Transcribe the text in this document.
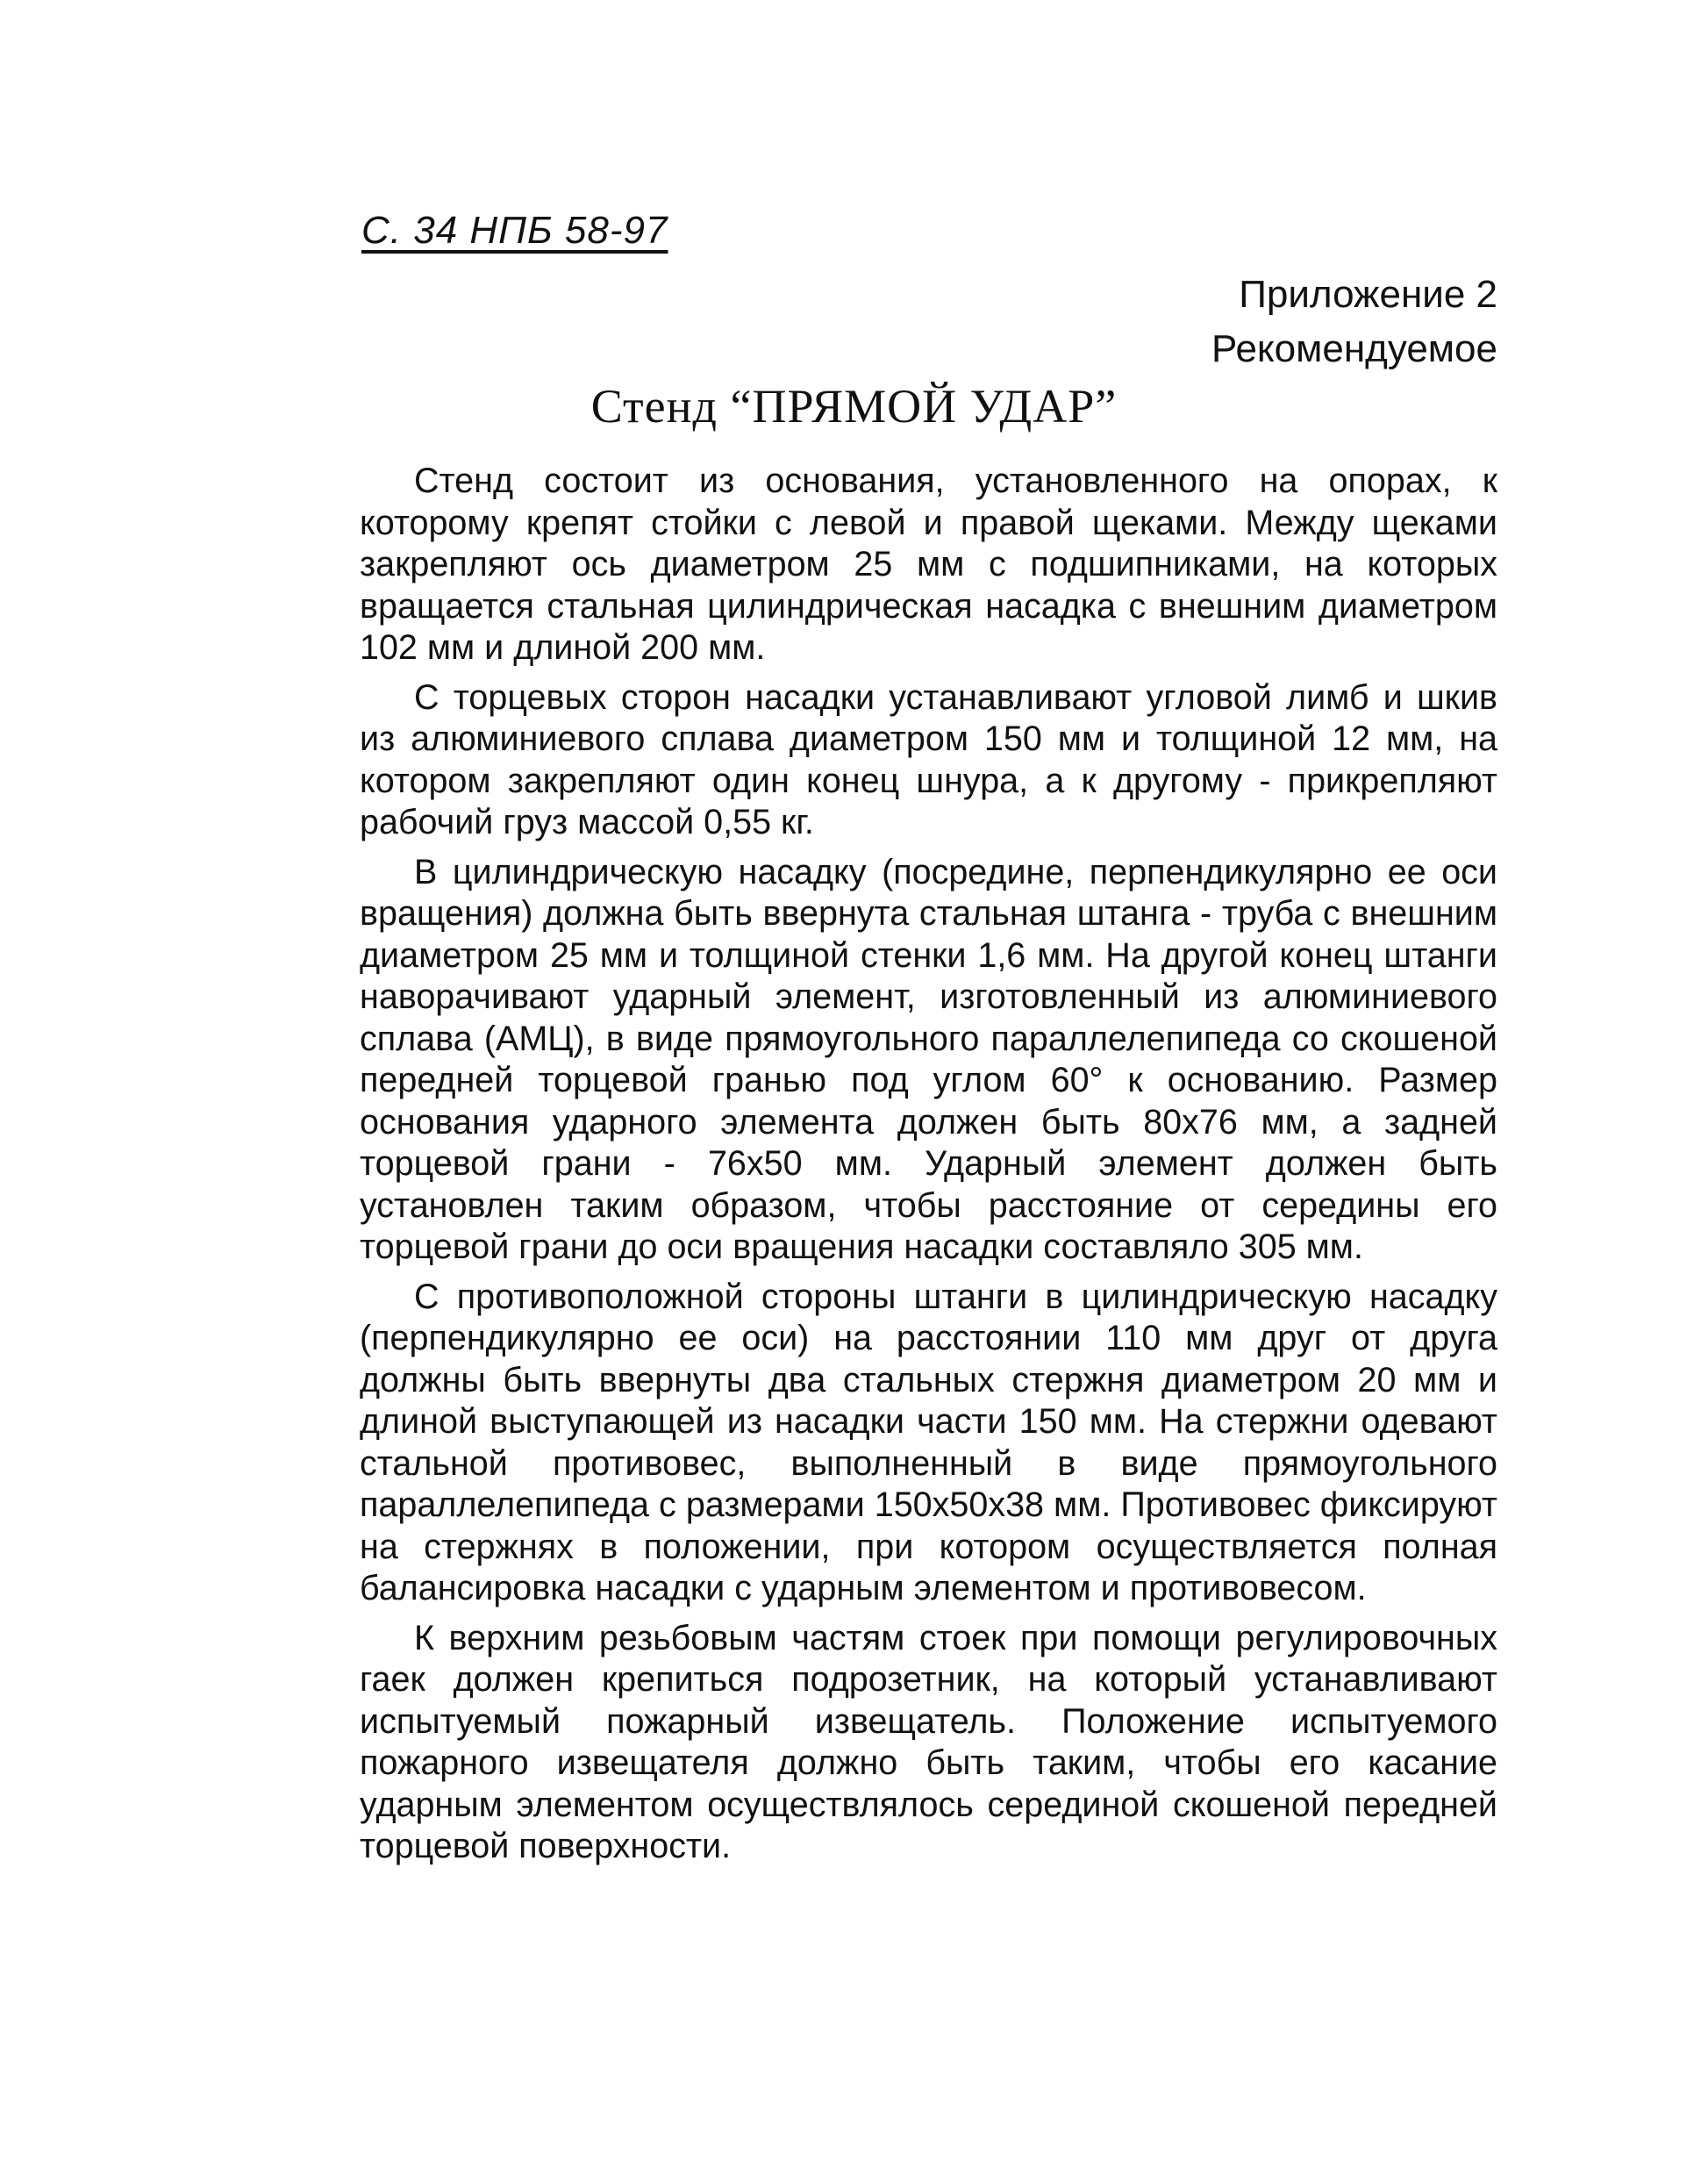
С. 34 НПБ 58-97
Приложение 2
Рекомендуемое
Стенд “ПРЯМОЙ УДАР”

Стенд состоит из основания, установленного на опорах, к которому крепят стойки с левой и правой щеками. Между щеками закрепляют ось диаметром 25 мм с подшипниками, на которых вращается стальная цилиндрическая насадка с внешним диаметром 102 мм и длиной 200 мм.

С торцевых сторон насадки устанавливают угловой лимб и шкив из алюминиевого сплава диаметром 150 мм и толщиной 12 мм, на котором закрепляют один конец шнура, а к другому - прикрепляют рабочий груз массой 0,55 кг.

В цилиндрическую насадку (посредине, перпендикулярно ее оси вращения) должна быть ввернута стальная штанга - труба с внешним диаметром 25 мм и толщиной стенки 1,6 мм. На другой конец штанги наворачивают ударный элемент, изготовленный из алюминиевого сплава (АМЦ), в виде прямоугольного параллелепипеда со скошеной передней торцевой гранью под углом 60° к основанию. Размер основания ударного элемента должен быть 80х76 мм, а задней торцевой грани - 76х50 мм. Ударный элемент должен быть установлен таким образом, чтобы расстояние от середины его торцевой грани до оси вращения насадки составляло 305 мм.

С противоположной стороны штанги в цилиндрическую насадку (перпендикулярно ее оси) на расстоянии 110 мм друг от друга должны быть ввернуты два стальных стержня диаметром 20 мм и длиной выступающей из насадки части 150 мм. На стержни одевают стальной противовес, выполненный в виде прямоугольного параллелепипеда с размерами 150х50х38 мм. Противовес фиксируют на стержнях в положении, при котором осуществляется полная балансировка насадки с ударным элементом и противовесом.

К верхним резьбовым частям стоек при помощи регулировочных гаек должен крепиться подрозетник, на который устанавливают испытуемый пожарный извещатель. Положение испытуемого пожарного извещателя должно быть таким, чтобы его касание ударным элементом осуществлялось серединой скошеной передней торцевой поверхности.
